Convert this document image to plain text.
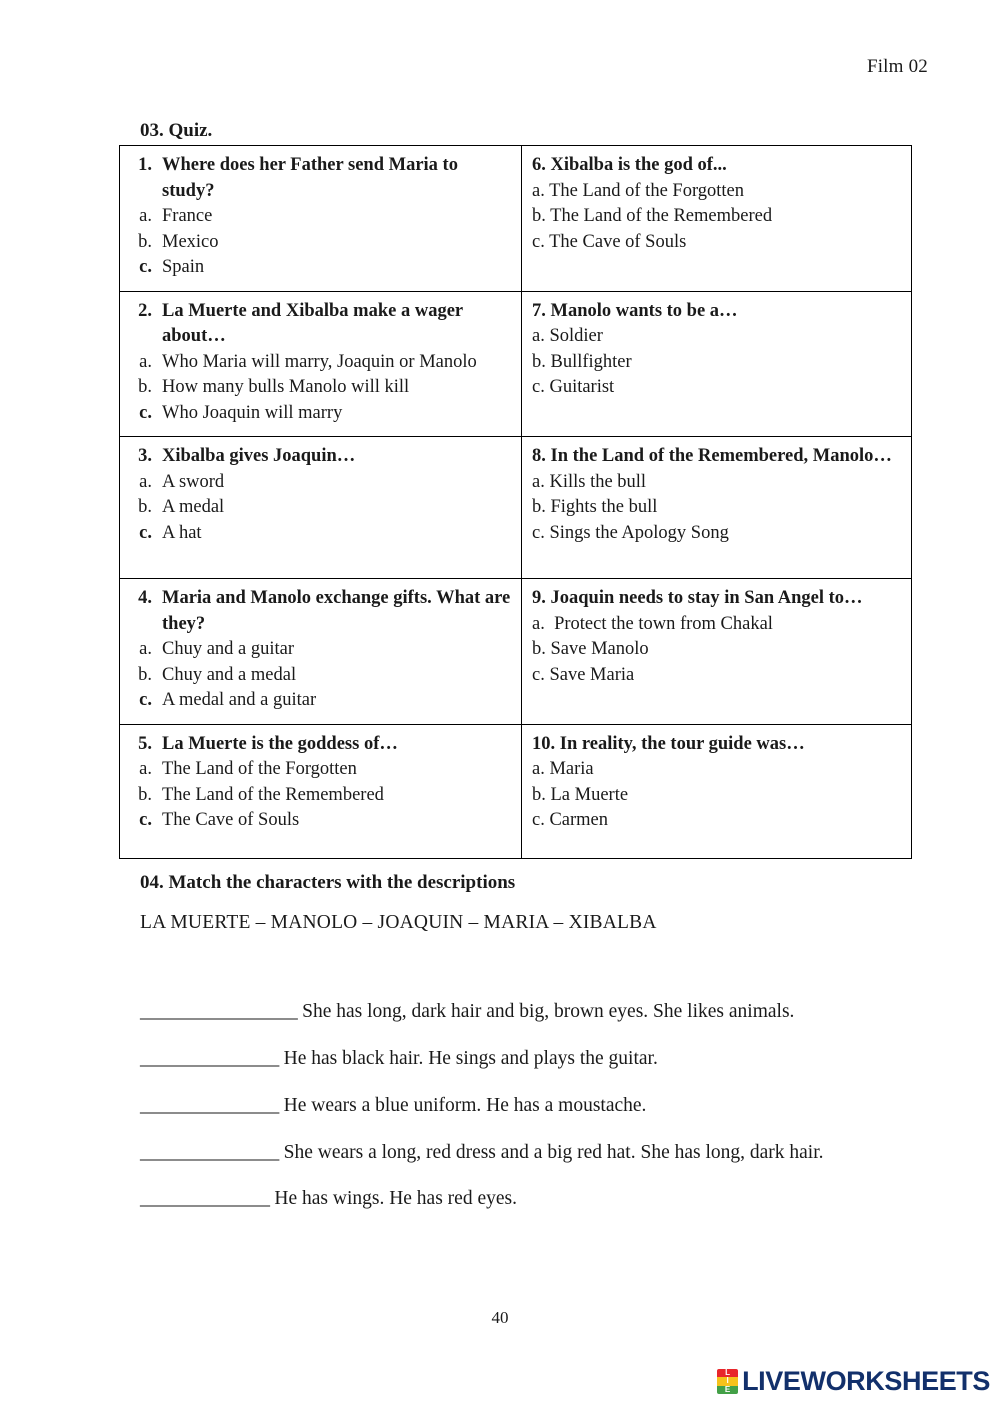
Film 02
03. Quiz.
1. Where does her Father send Maria to study?
a. France
b. Mexico
c. Spain

6. Xibalba is the god of...
a. The Land of the Forgotten
b. The Land of the Remembered
c. The Cave of Souls

2. La Muerte and Xibalba make a wager about…
a. Who Maria will marry, Joaquin or Manolo
b. How many bulls Manolo will kill
c. Who Joaquin will marry

7. Manolo wants to be a…
a. Soldier
b. Bullfighter
c. Guitarist

3. Xibalba gives Joaquin…
a. A sword
b. A medal
c. A hat

8. In the Land of the Remembered, Manolo…
a. Kills the bull
b. Fights the bull
c. Sings the Apology Song

4. Maria and Manolo exchange gifts. What are they?
a. Chuy and a guitar
b. Chuy and a medal
c. A medal and a guitar

9. Joaquin needs to stay in San Angel to…
a.  Protect the town from Chakal
b. Save Manolo
c. Save Maria

5. La Muerte is the goddess of…
a. The Land of the Forgotten
b. The Land of the Remembered
c. The Cave of Souls

10. In reality, the tour guide was…
a. Maria
b. La Muerte
c. Carmen
04. Match the characters with the descriptions
LA MUERTE – MANOLO – JOAQUIN – MARIA – XIBALBA
_________________ She has long, dark hair and big, brown eyes. She likes animals.
_______________ He has black hair. He sings and plays the guitar.
_______________ He wears a blue uniform. He has a moustache.
_______________ She wears a long, red dress and a big red hat. She has long, dark hair.
______________ He has wings. He has red eyes.
40
L
I
E LIVEWORKSHEETS
